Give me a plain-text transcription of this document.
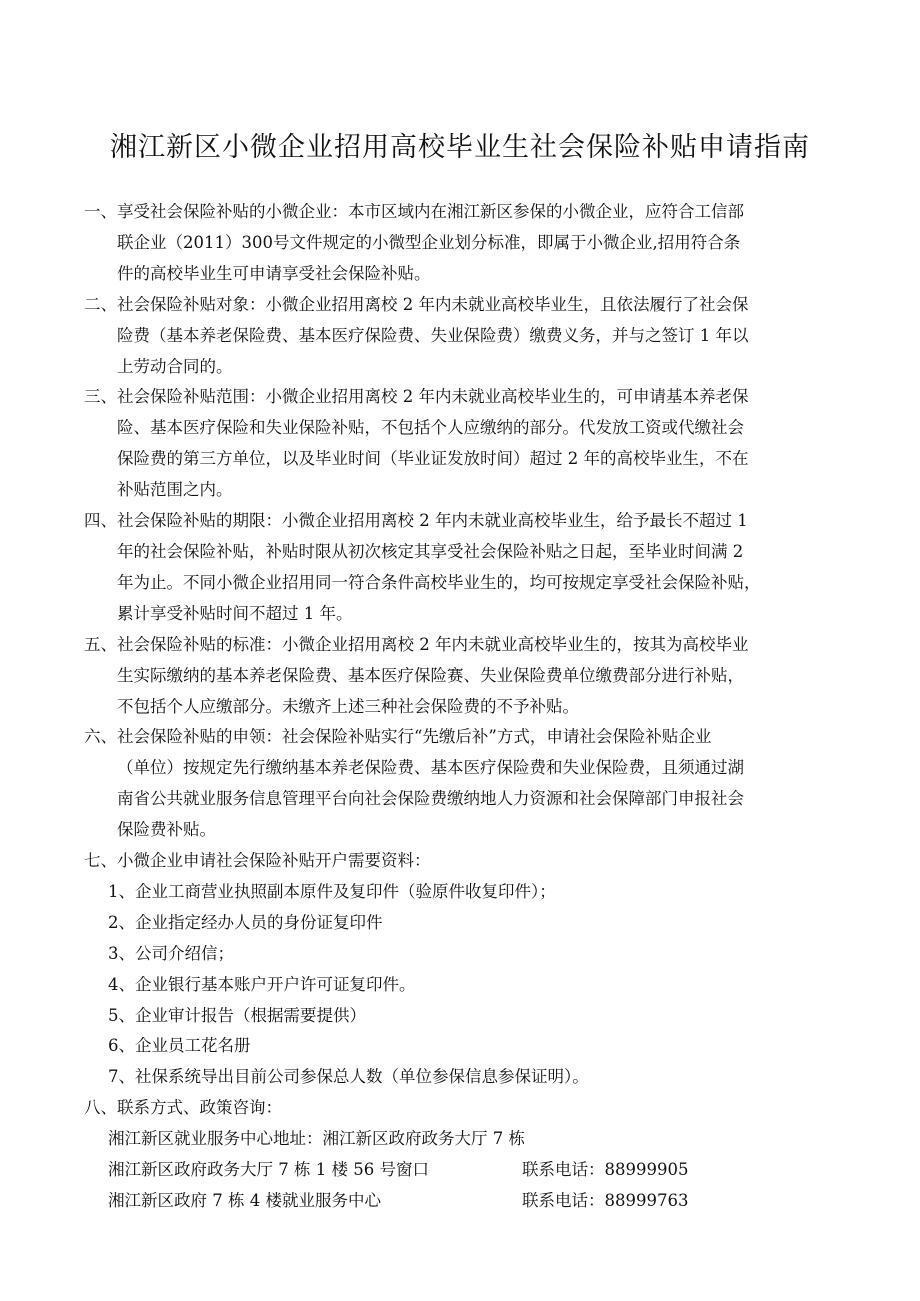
湘江新区小微企业招用高校毕业生社会保险补贴申请指南
一、 享受社会保险补贴的小微企业：本市区域内在湘江新区参保的小微企业，应符合工信部
联企业（2011）300号文件规定的小微型企业划分标准，即属于小微企业,招用符合条
件的高校毕业生可申请享受社会保险补贴。
二、 社会保险补贴对象：小微企业招用离校 2 年内未就业高校毕业生，且依法履行了社会保
险费（基本养老保险费、基本医疗保险费、失业保险费）缴费义务，并与之签订 1 年以
上劳动合同的。
三、 社会保险补贴范围：小微企业招用离校 2 年内未就业高校毕业生的，可申请基本养老保
险、基本医疗保险和失业保险补贴，不包括个人应缴纳的部分。代发放工资或代缴社会
保险费的第三方单位，以及毕业时间（毕业证发放时间）超过 2 年的高校毕业生，不在
补贴范围之内。
四、 社会保险补贴的期限：小微企业招用离校 2 年内未就业高校毕业生，给予最长不超过 1
年的社会保险补贴，补贴时限从初次核定其享受社会保险补贴之日起，至毕业时间满 2
年为止。不同小微企业招用同一符合条件高校毕业生的，均可按规定享受社会保险补贴，
累计享受补贴时间不超过 1 年。
五、 社会保险补贴的标准：小微企业招用离校 2 年内未就业高校毕业生的，按其为高校毕业
生实际缴纳的基本养老保险费、基本医疗保险赛、失业保险费单位缴费部分进行补贴，
不包括个人应缴部分。未缴齐上述三种社会保险费的不予补贴。
六、 社会保险补贴的申领：社会保险补贴实行“先缴后补”方式，申请社会保险补贴企业
（单位）按规定先行缴纳基本养老保险费、基本医疗保险费和失业保险费，且须通过湖
南省公共就业服务信息管理平台向社会保险费缴纳地人力资源和社会保障部门申报社会
保险费补贴。
七、 小微企业申请社会保险补贴开户需要资料：
1、企业工商营业执照副本原件及复印件（验原件收复印件）；
2、企业指定经办人员的身份证复印件
3、公司介绍信；
4、企业银行基本账户开户许可证复印件。
5、企业审计报告（根据需要提供）
6、企业员工花名册
7、社保系统导出目前公司参保总人数（单位参保信息参保证明）。
八、 联系方式、政策咨询：
湘江新区就业服务中心地址：湘江新区政府政务大厅 7 栋
湘江新区政府政务大厅 7 栋 1 楼 56 号窗口	联系电话：88999905
湘江新区政府 7 栋 4 楼就业服务中心	联系电话：88999763
